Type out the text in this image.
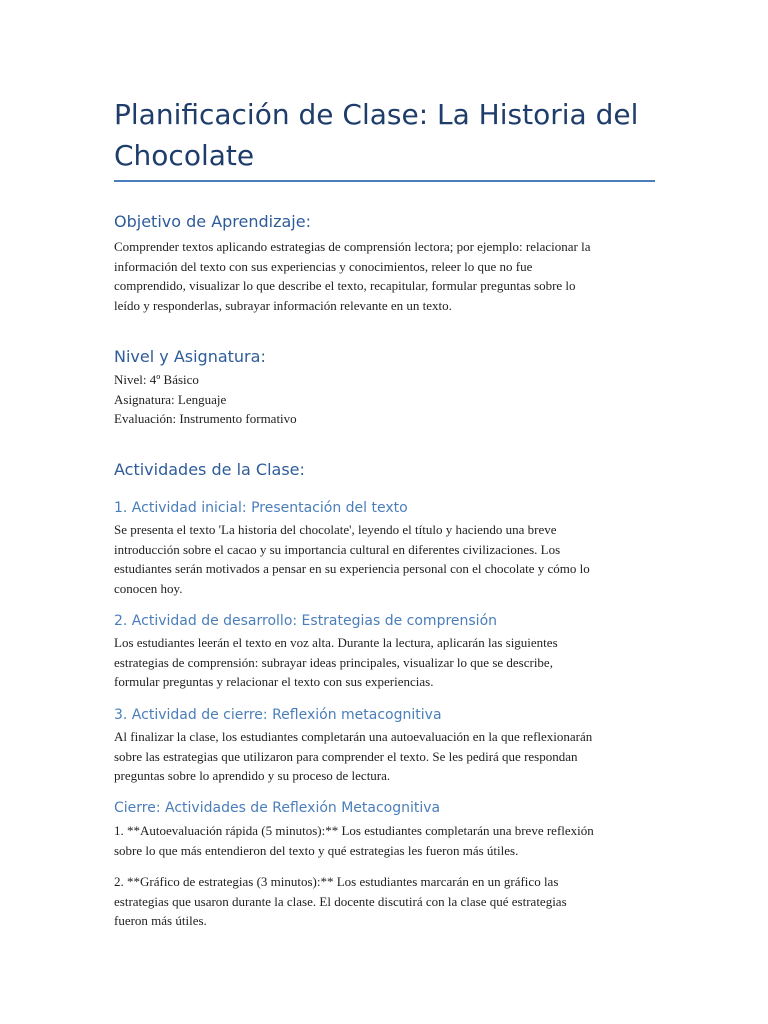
Planificación de Clase: La Historia del
Chocolate
Objetivo de Aprendizaje:

Comprender textos aplicando estrategias de comprensión lectora; por ejemplo: relacionar la
información del texto con sus experiencias y conocimientos, releer lo que no fue
comprendido, visualizar lo que describe el texto, recapitular, formular preguntas sobre lo
leído y responderlas, subrayar información relevante en un texto.

Nivel y Asignatura:

Nivel: 4º Básico
Asignatura: Lenguaje
Evaluación: Instrumento formativo

Actividades de la Clase:
1. Actividad inicial: Presentación del texto

Se presenta el texto 'La historia del chocolate', leyendo el título y haciendo una breve
introducción sobre el cacao y su importancia cultural en diferentes civilizaciones. Los
estudiantes serán motivados a pensar en su experiencia personal con el chocolate y cómo lo
conocen hoy.

2. Actividad de desarrollo: Estrategias de comprensión

Los estudiantes leerán el texto en voz alta. Durante la lectura, aplicarán las siguientes
estrategias de comprensión: subrayar ideas principales, visualizar lo que se describe,
formular preguntas y relacionar el texto con sus experiencias.

3. Actividad de cierre: Reflexión metacognitiva

Al finalizar la clase, los estudiantes completarán una autoevaluación en la que reflexionarán
sobre las estrategias que utilizaron para comprender el texto. Se les pedirá que respondan
preguntas sobre lo aprendido y su proceso de lectura.

Cierre: Actividades de Reflexión Metacognitiva

1. **Autoevaluación rápida (5 minutos):** Los estudiantes completarán una breve reflexión
sobre lo que más entendieron del texto y qué estrategias les fueron más útiles.

2. **Gráfico de estrategias (3 minutos):** Los estudiantes marcarán en un gráfico las
estrategias que usaron durante la clase. El docente discutirá con la clase qué estrategias
fueron más útiles.
